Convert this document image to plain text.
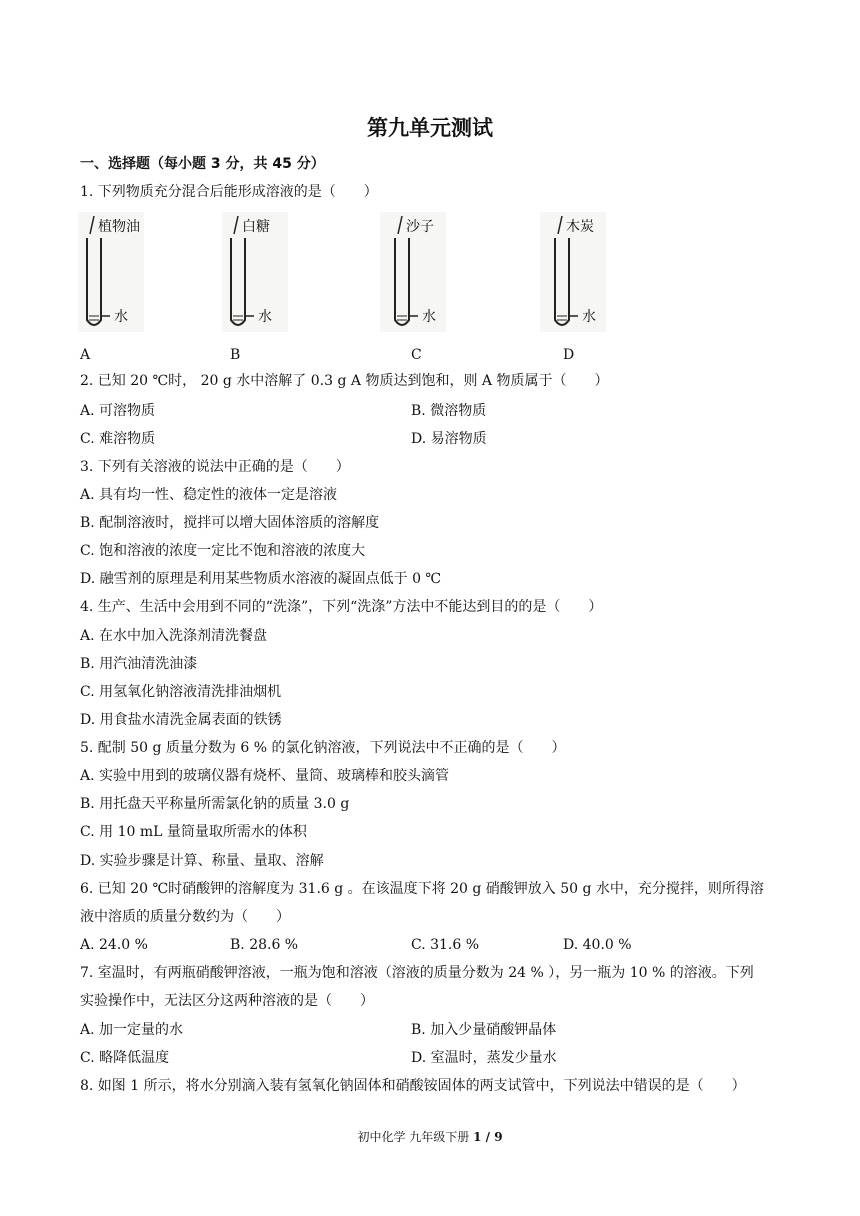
第九单元测试
一、选择题（每小题 3 分，共 45 分）
1. 下列物质充分混合后能形成溶液的是（　　）
植物油
水
白糖
水
沙子
水
木炭
水
A	B	C	D
2. 已知 20 ℃时， 20 g 水中溶解了 0.3 g A 物质达到饱和，则 A 物质属于（　　）
A. 可溶物质	B. 微溶物质
C. 难溶物质	D. 易溶物质
3. 下列有关溶液的说法中正确的是（　　）
A. 具有均一性、稳定性的液体一定是溶液
B. 配制溶液时，搅拌可以增大固体溶质的溶解度
C. 饱和溶液的浓度一定比不饱和溶液的浓度大
D. 融雪剂的原理是利用某些物质水溶液的凝固点低于 0 ℃
4. 生产、生活中会用到不同的“洗涤”，下列“洗涤”方法中不能达到目的的是（　　）
A. 在水中加入洗涤剂清洗餐盘
B. 用汽油清洗油漆
C. 用氢氧化钠溶液清洗排油烟机
D. 用食盐水清洗金属表面的铁锈
5. 配制 50 g 质量分数为 6 % 的氯化钠溶液，下列说法中不正确的是（　　）
A. 实验中用到的玻璃仪器有烧杯、量筒、玻璃棒和胶头滴管
B. 用托盘天平称量所需氯化钠的质量 3.0 g
C. 用 10 mL 量筒量取所需水的体积
D. 实验步骤是计算、称量、量取、溶解
6. 已知 20 ℃时硝酸钾的溶解度为 31.6 g 。在该温度下将 20 g 硝酸钾放入 50 g 水中，充分搅拌，则所得溶
液中溶质的质量分数约为（　　）
A. 24.0 %	B. 28.6 %	C. 31.6 %	D. 40.0 %
7. 室温时，有两瓶硝酸钾溶液，一瓶为饱和溶液（溶液的质量分数为 24 % ），另一瓶为 10 % 的溶液。下列
实验操作中，无法区分这两种溶液的是（　　）
A. 加一定量的水	B. 加入少量硝酸钾晶体
C. 略降低温度	D. 室温时，蒸发少量水
8. 如图 1 所示，将水分别滴入装有氢氧化钠固体和硝酸铵固体的两支试管中，下列说法中错误的是（　　）
初中化学 九年级下册 1 / 9
